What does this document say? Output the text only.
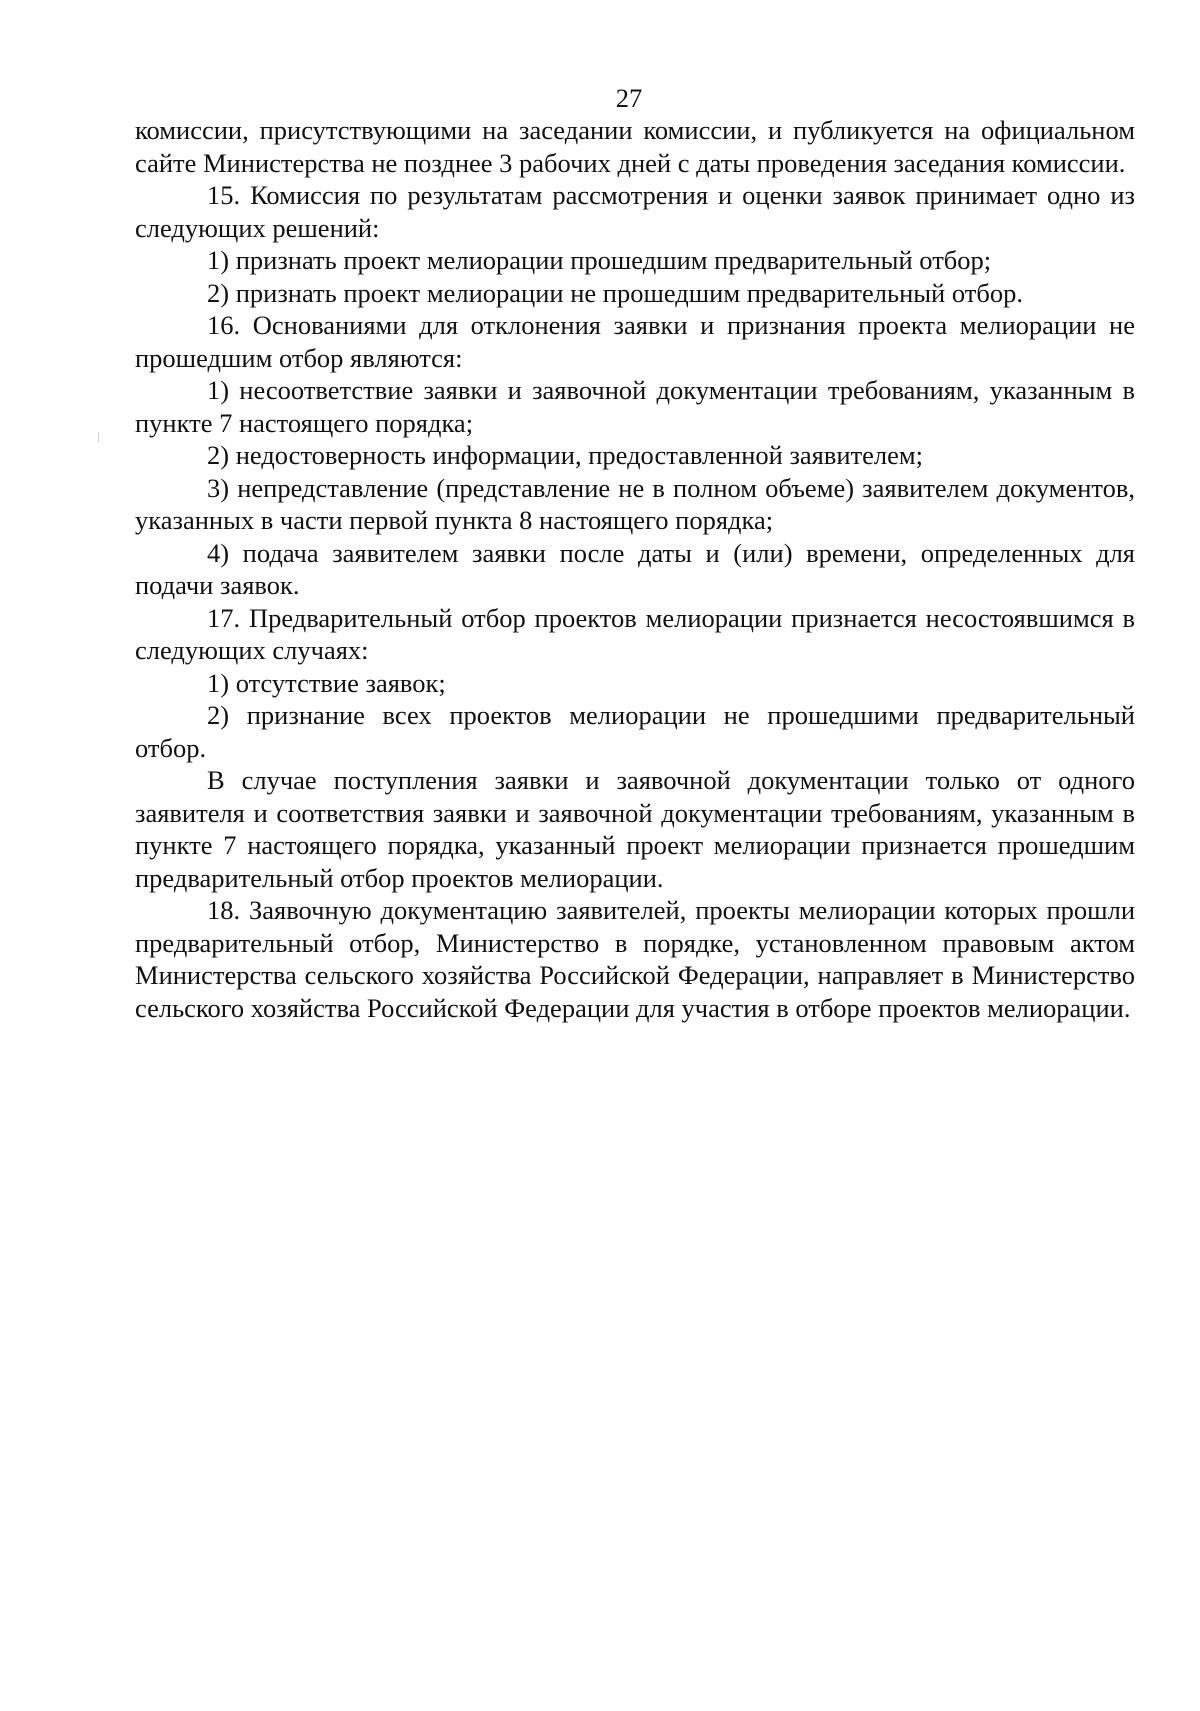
27

комиссии, присутствующими на заседании комиссии, и публикуется на официальном сайте Министерства не позднее 3 рабочих дней с даты проведения заседания комиссии.

15. Комиссия по результатам рассмотрения и оценки заявок принимает одно из следующих решений:

1) признать проект мелиорации прошедшим предварительный отбор;

2) признать проект мелиорации не прошедшим предварительный отбор.

16. Основаниями для отклонения заявки и признания проекта мелиорации не прошедшим отбор являются:

1) несоответствие заявки и заявочной документации требованиям, указанным в пункте 7 настоящего порядка;

2) недостоверность информации, предоставленной заявителем;

3) непредставление (представление не в полном объеме) заявителем документов, указанных в части первой пункта 8 настоящего порядка;

4) подача заявителем заявки после даты и (или) времени, определенных для подачи заявок.

17. Предварительный отбор проектов мелиорации признается несостоявшимся в следующих случаях:

1) отсутствие заявок;

2) признание всех проектов мелиорации не прошедшими предварительный отбор.

В случае поступления заявки и заявочной документации только от одного заявителя и соответствия заявки и заявочной документации требованиям, указанным в пункте 7 настоящего порядка, указанный проект мелиорации признается прошедшим предварительный отбор проектов мелиорации.

18. Заявочную документацию заявителей, проекты мелиорации которых прошли предварительный отбор, Министерство в порядке, установленном правовым актом Министерства сельского хозяйства Российской Федерации, направляет в Министерство сельского хозяйства Российской Федерации для участия в отборе проектов мелиорации.
